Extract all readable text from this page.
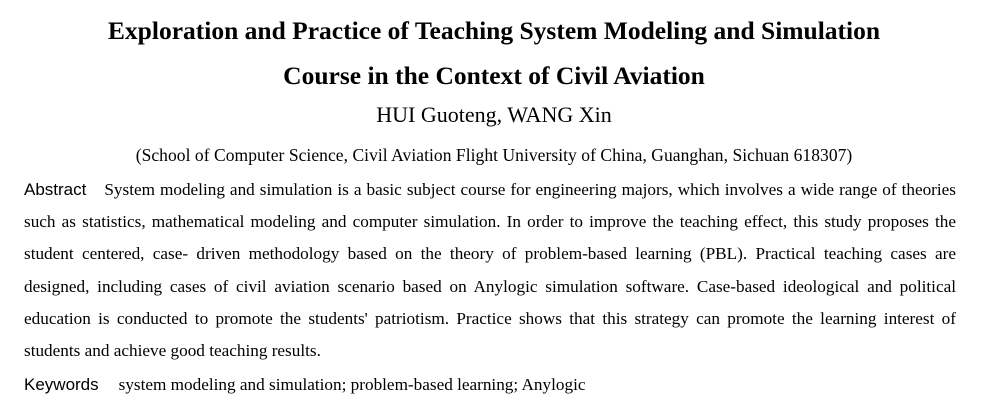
Exploration and Practice of Teaching System Modeling and Simulation
Course in the Context of Civil Aviation
HUI Guoteng, WANG Xin
(School of Computer Science, Civil Aviation Flight University of China, Guanghan, Sichuan 618307)
Abstract System modeling and simulation is a basic subject course for engineering majors, which involves a wide range of theories such as statistics, mathematical modeling and computer simulation. In order to improve the teaching effect, this study proposes the student centered, case- driven methodology based on the theory of problem-based learning (PBL). Practical teaching cases are designed, including cases of civil aviation scenario based on Anylogic simulation software. Case-based ideological and political education is conducted to promote the students' patriotism. Practice shows that this strategy can promote the learning interest of students and achieve good teaching results.
Keywords system modeling and simulation; problem-based learning; Anylogic
